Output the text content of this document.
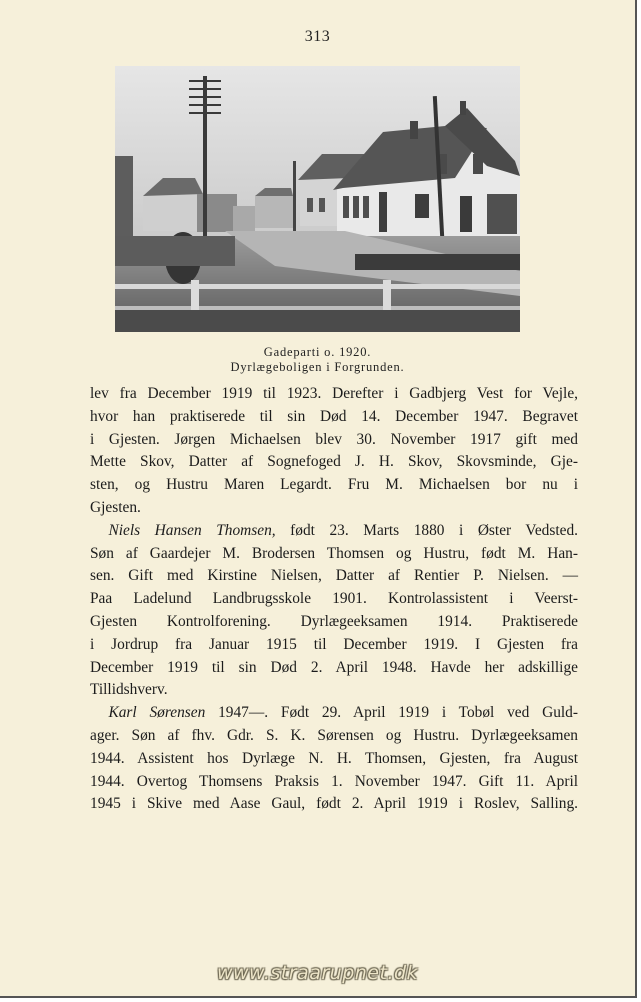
313
Gadeparti o. 1920.
Dyrlægeboligen i Forgrunden.
lev fra December 1919 til 1923. Derefter i Gadbjerg Vest for Vejle,
hvor han praktiserede til sin Død 14. December 1947. Begravet
i Gjesten. Jørgen Michaelsen blev 30. November 1917 gift med
Mette Skov, Datter af Sognefoged J. H. Skov, Skovsminde, Gje-
sten, og Hustru Maren Legardt. Fru M. Michaelsen bor nu i
Gjesten.
Niels Hansen Thomsen, født 23. Marts 1880 i Øster Vedsted.
Søn af Gaardejer M. Brodersen Thomsen og Hustru, født M. Han-
sen. Gift med Kirstine Nielsen, Datter af Rentier P. Nielsen. —
Paa Ladelund Landbrugsskole 1901. Kontrolassistent i Veerst-
Gjesten Kontrolforening. Dyrlægeeksamen 1914. Praktiserede
i Jordrup fra Januar 1915 til December 1919. I Gjesten fra
December 1919 til sin Død 2. April 1948. Havde her adskillige
Tillidshverv.
Karl Sørensen 1947—. Født 29. April 1919 i Tobøl ved Guld-
ager. Søn af fhv. Gdr. S. K. Sørensen og Hustru. Dyrlægeeksamen
1944. Assistent hos Dyrlæge N. H. Thomsen, Gjesten, fra August
1944. Overtog Thomsens Praksis 1. November 1947. Gift 11. April
1945 i Skive med Aase Gaul, født 2. April 1919 i Roslev, Salling.
www.straarupnet.dk
